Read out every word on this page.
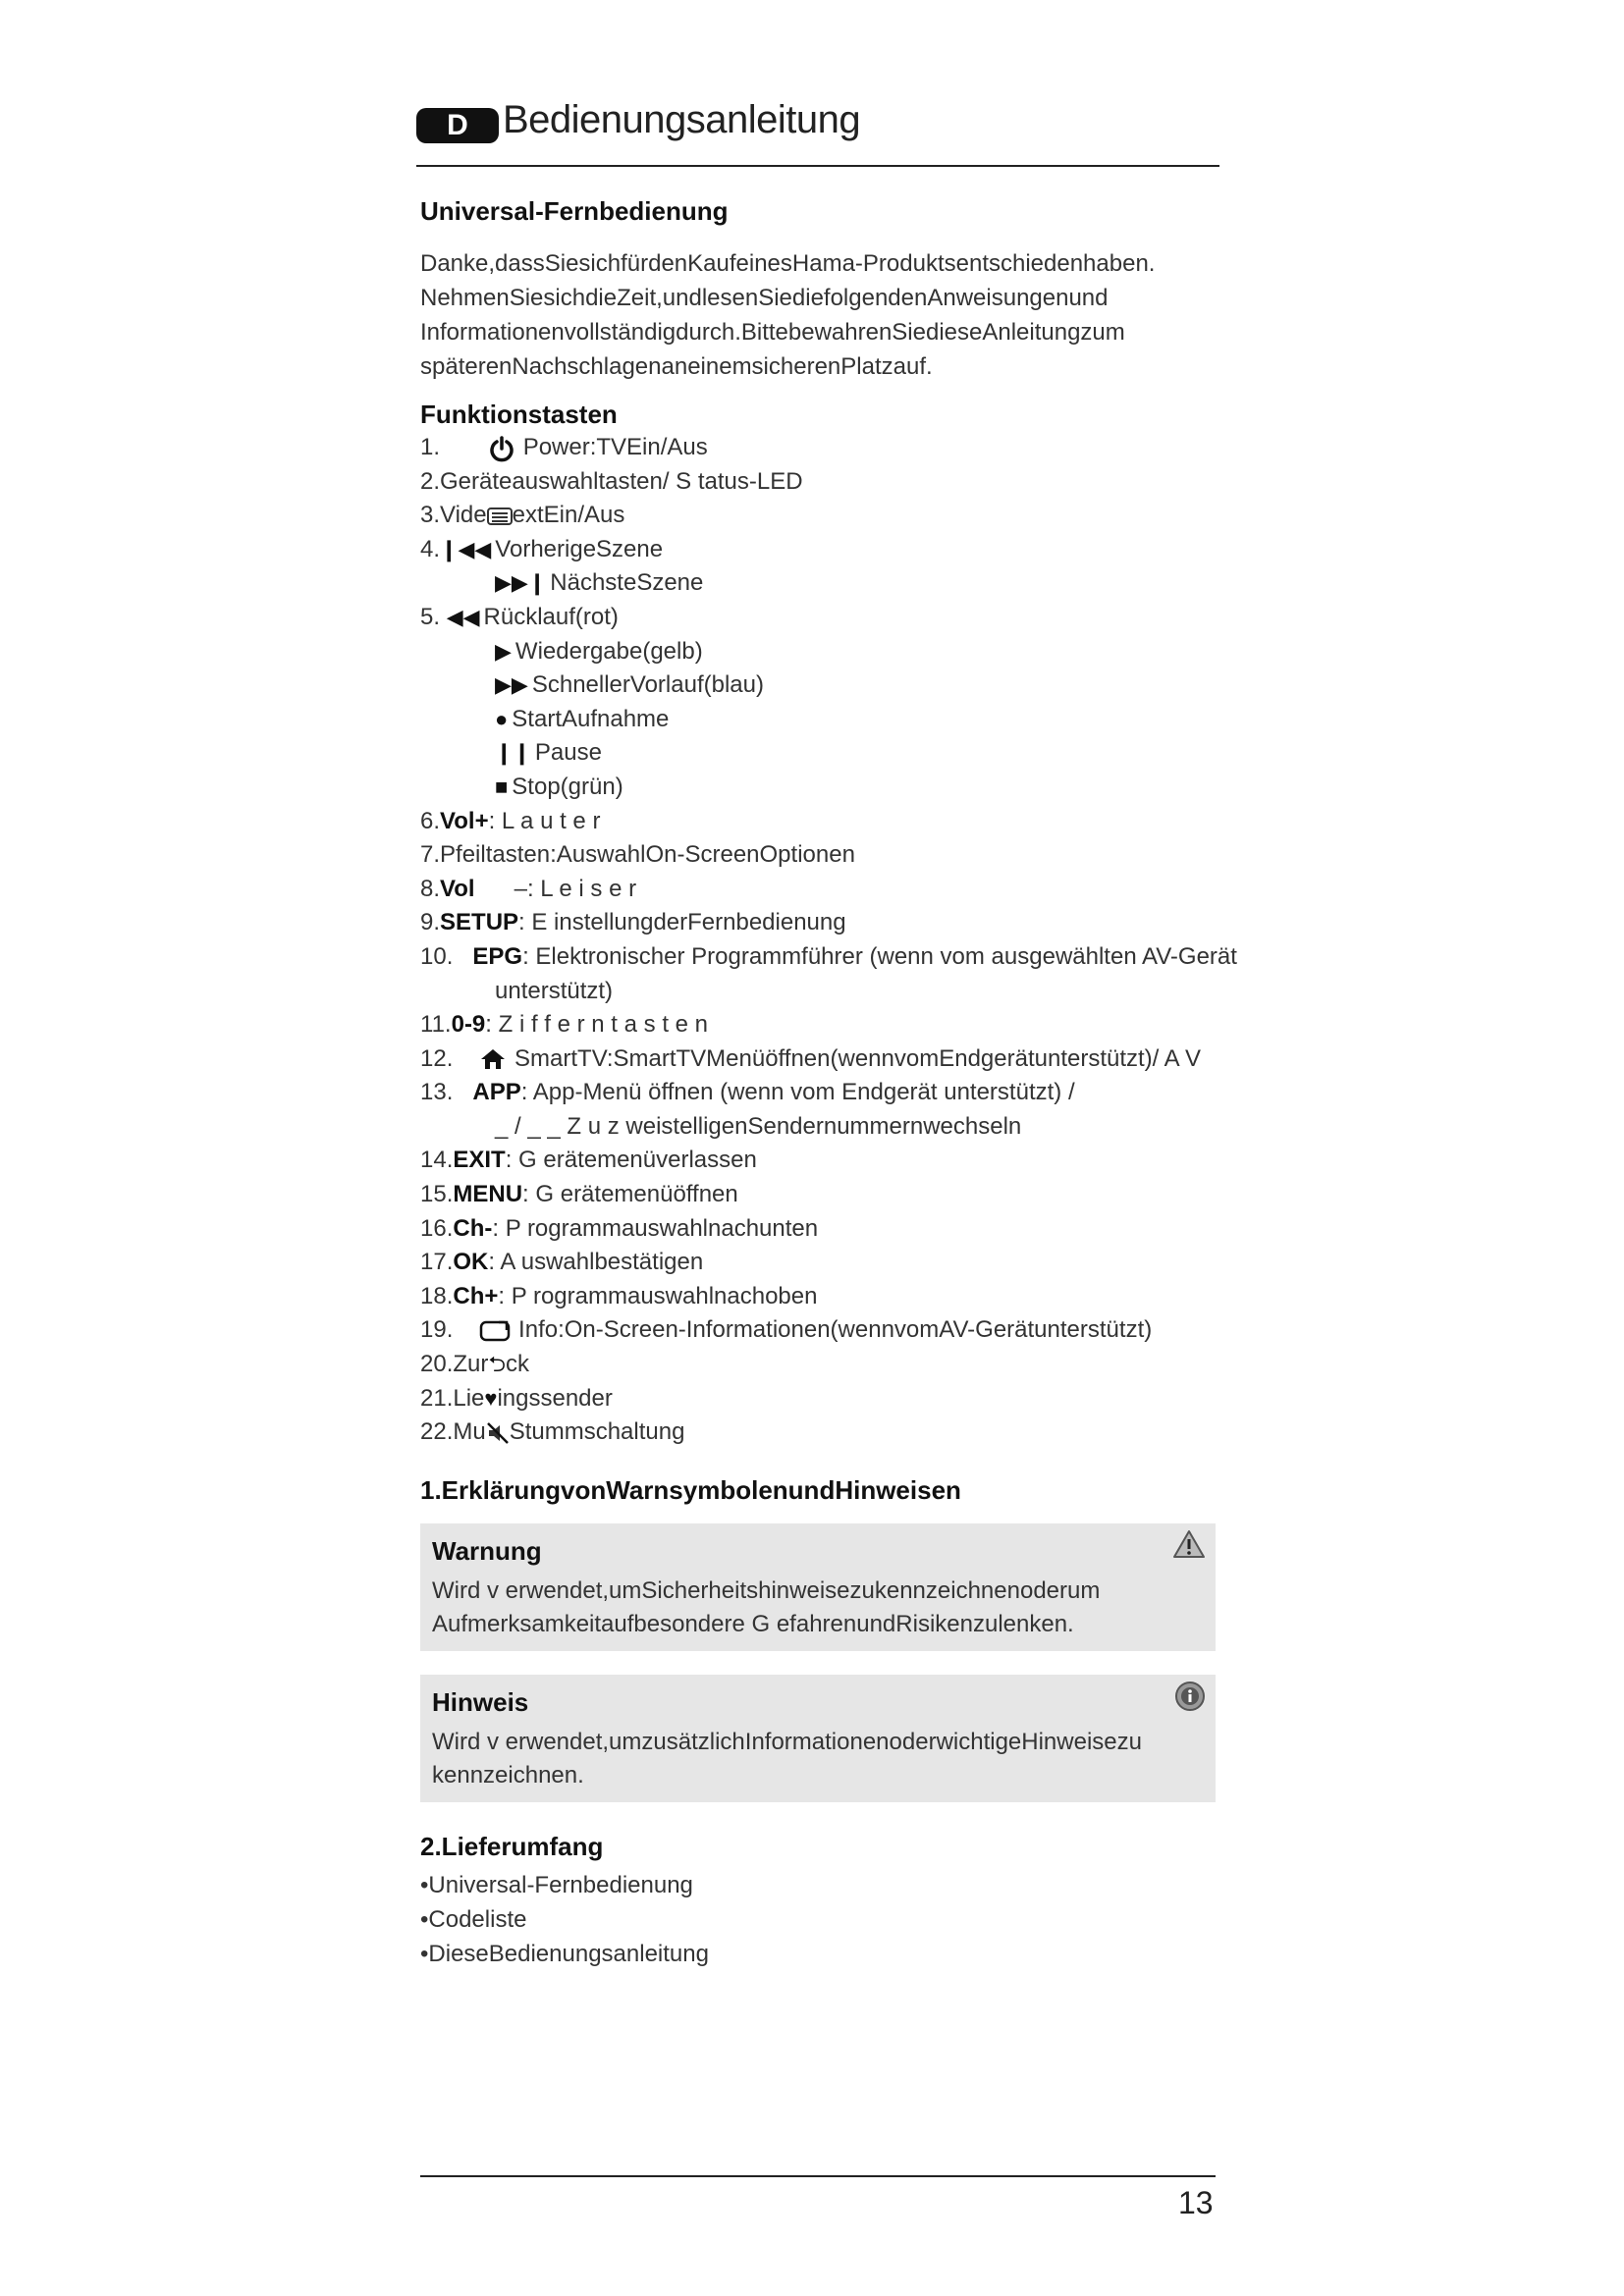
D Bedienungsanleitung
Universal-Fernbedienung
Danke,dassSiesichfürdenKaufeinesHama-Produktsentschiedenhaben.
NehmenSiesichdieZeit,undlesenSiediefolgendenAnweisungenund
Informationenvollständigdurch.BittebewahrenSiedieseAnleitungzum
späterenNachschlagenaneinemsicherenPlatzauf.
Funktionstasten
1.	Power:TVEin/Aus
2.Geräteauswahltasten/ S tatus-LED
3.Vide extEin/Aus
4.❙◀◀ VorherigeSzene
▶▶❙ NächsteSzene
5. ◀◀ Rücklauf(rot)
▶ Wiedergabe(gelb)
▶▶ SchnellerVorlauf(blau)
● StartAufnahme
❙❙ Pause
■ Stop(grün)
6.Vol+: L a u t e r
7.Pfeiltasten:AuswahlOn-ScreenOptionen
8.Vol –: L e i s e r
9.SETUP: E instellungderFernbedienung
10. EPG: Elektronischer Programmführer (wenn vom ausgewählten AV-Gerät
unterstützt)
11.0-9: Z i f f e r n t a s t e n
12.	SmartTV:SmartTVMenüöffnen(wennvomEndgerätunterstützt)/ A V
13. APP: App-Menü öffnen (wenn vom Endgerät unterstützt) /
_ / _ _ Z u z weistelligenSendernummernwechseln
14.EXIT: G erätemenüverlassen
15.MENU: G erätemenüöffnen
16.Ch-: P rogrammauswahlnachunten
17.OK: A uswahlbestätigen
18.Ch+: P rogrammauswahlnachoben
19.	Info:On-Screen-Informationen(wennvomAV-Gerätunterstützt)
20.Zur⮌ck
21.Lie♥ingssender
22.Mu Stummschaltung
1.ErklärungvonWarnsymbolenundHinweisen
Warnung
Wird v erwendet,umSicherheitshinweisezukennzeichnenoderum
Aufmerksamkeitaufbesondere G efahrenundRisikenzulenken.
Hinweis
Wird v erwendet,umzusätzlichInformationenoderwichtigeHinweisezu
kennzeichnen.
2.Lieferumfang
•Universal-Fernbedienung
•Codeliste
•DieseBedienungsanleitung
13
